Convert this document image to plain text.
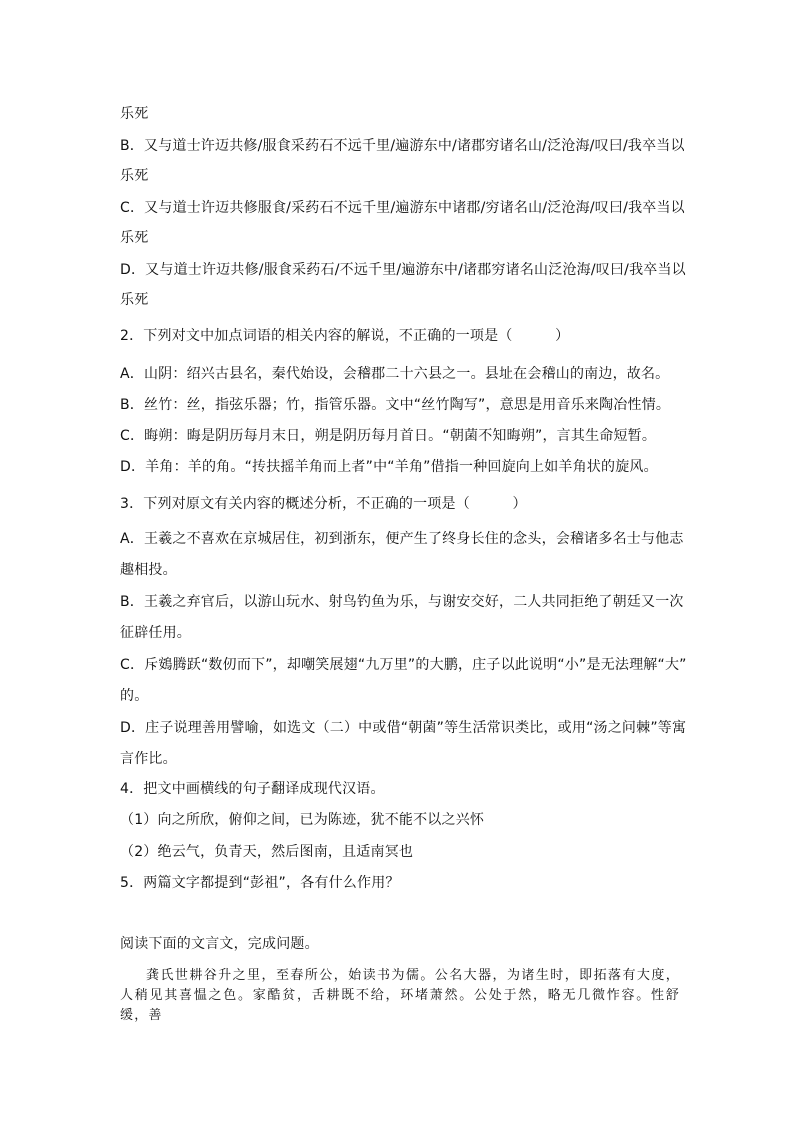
乐死
B．又与道士许迈共修/服食采药石不远千里/遍游东中/诸郡穷诸名山/泛沧海/叹曰/我卒当以
乐死
C．又与道士许迈共修服食/采药石不远千里/遍游东中诸郡/穷诸名山/泛沧海/叹曰/我卒当以
乐死
D．又与道士许迈共修/服食采药石/不远千里/遍游东中/诸郡穷诸名山泛沧海/叹曰/我卒当以
乐死
2．下列对文中加点词语的相关内容的解说，不正确的一项是（　　　）
A．山阴：绍兴古县名，秦代始设，会稽郡二十六县之一。县址在会稽山的南边，故名。
B．丝竹：丝，指弦乐器；竹，指管乐器。文中“丝竹陶写”，意思是用音乐来陶冶性情。
C．晦朔：晦是阴历每月末日，朔是阴历每月首日。“朝菌不知晦朔”，言其生命短暂。
D．羊角：羊的角。“抟扶摇羊角而上者”中“羊角”借指一种回旋向上如羊角状的旋风。
3．下列对原文有关内容的概述分析，不正确的一项是（　　　）
A．王羲之不喜欢在京城居住，初到浙东，便产生了终身长住的念头，会稽诸多名士与他志
趣相投。
B．王羲之弃官后，以游山玩水、射鸟钓鱼为乐，与谢安交好，二人共同拒绝了朝廷又一次
征辟任用。
C．斥鴳腾跃“数仞而下”，却嘲笑展翅“九万里”的大鹏，庄子以此说明“小”是无法理解“大”
的。
D．庄子说理善用譬喻，如选文（二）中或借“朝菌”等生活常识类比，或用“汤之问棘”等寓
言作比。
4．把文中画横线的句子翻译成现代汉语。
（1）向之所欣，俯仰之间，已为陈迹，犹不能不以之兴怀
（2）绝云气，负青天，然后图南，且适南冥也
5．两篇文字都提到“彭祖”，各有什么作用？
阅读下面的文言文，完成问题。
龚氏世耕谷升之里，至春所公，始读书为儒。公名大器，为诸生时，即拓落有大度，人稍见其喜愠之色。家酷贫，舌耕既不给，环堵萧然。公处于然，略无几微怍容。性舒缓，善
